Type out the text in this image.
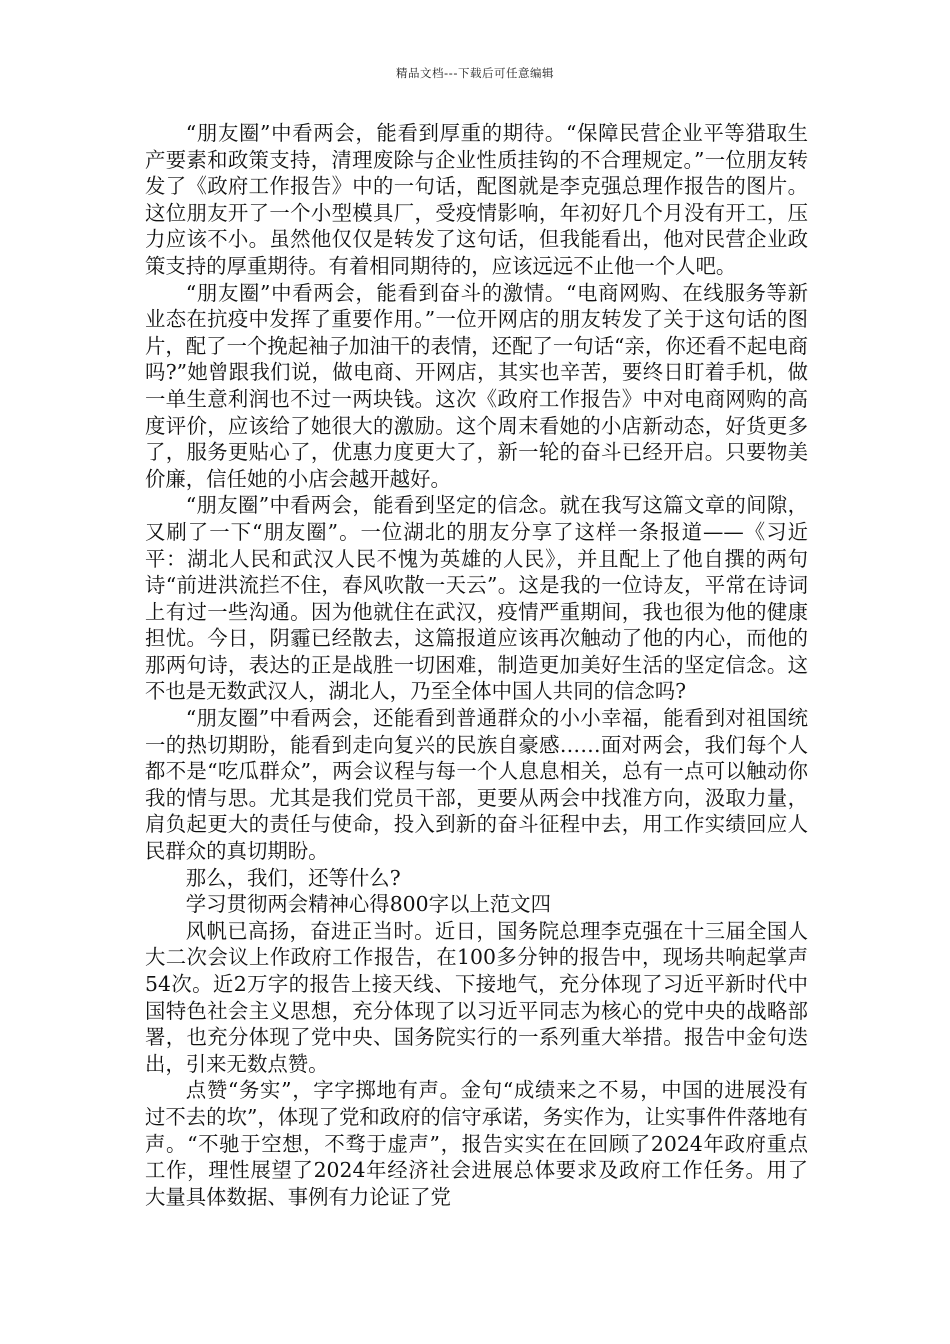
精品文档---下载后可任意编辑

“朋友圈”中看两会，能看到厚重的期待。“保障民营企业平等猎取生产要素和政策支持，清理废除与企业性质挂钩的不合理规定。”一位朋友转发了《政府工作报告》中的一句话，配图就是李克强总理作报告的图片。这位朋友开了一个小型模具厂，受疫情影响，年初好几个月没有开工，压力应该不小。虽然他仅仅是转发了这句话，但我能看出，他对民营企业政策支持的厚重期待。有着相同期待的，应该远远不止他一个人吧。

“朋友圈”中看两会，能看到奋斗的激情。“电商网购、在线服务等新业态在抗疫中发挥了重要作用。”一位开网店的朋友转发了关于这句话的图片，配了一个挽起袖子加油干的表情，还配了一句话“亲，你还看不起电商吗?”她曾跟我们说，做电商、开网店，其实也辛苦，要终日盯着手机，做一单生意利润也不过一两块钱。这次《政府工作报告》中对电商网购的高度评价，应该给了她很大的激励。这个周末看她的小店新动态，好货更多了，服务更贴心了，优惠力度更大了，新一轮的奋斗已经开启。只要物美价廉，信任她的小店会越开越好。

“朋友圈”中看两会，能看到坚定的信念。就在我写这篇文章的间隙，又刷了一下“朋友圈”。一位湖北的朋友分享了这样一条报道——《习近平：湖北人民和武汉人民不愧为英雄的人民》，并且配上了他自撰的两句诗“前进洪流拦不住，春风吹散一天云”。这是我的一位诗友，平常在诗词上有过一些沟通。因为他就住在武汉，疫情严重期间，我也很为他的健康担忧。今日，阴霾已经散去，这篇报道应该再次触动了他的内心，而他的那两句诗，表达的正是战胜一切困难，制造更加美好生活的坚定信念。这不也是无数武汉人，湖北人，乃至全体中国人共同的信念吗?

“朋友圈”中看两会，还能看到普通群众的小小幸福，能看到对祖国统一的热切期盼，能看到走向复兴的民族自豪感……面对两会，我们每个人都不是“吃瓜群众”，两会议程与每一个人息息相关，总有一点可以触动你我的情与思。尤其是我们党员干部，更要从两会中找准方向，汲取力量，肩负起更大的责任与使命，投入到新的奋斗征程中去，用工作实绩回应人民群众的真切期盼。

那么，我们，还等什么?

学习贯彻两会精神心得800字以上范文四

风帆已高扬，奋进正当时。近日，国务院总理李克强在十三届全国人大二次会议上作政府工作报告，在100多分钟的报告中，现场共响起掌声54次。近2万字的报告上接天线、下接地气，充分体现了习近平新时代中国特色社会主义思想，充分体现了以习近平同志为核心的党中央的战略部署，也充分体现了党中央、国务院实行的一系列重大举措。报告中金句迭出，引来无数点赞。

点赞“务实”，字字掷地有声。金句“成绩来之不易，中国的进展没有过不去的坎”，体现了党和政府的信守承诺，务实作为，让实事件件落地有声。“不驰于空想，不骛于虚声”，报告实实在在回顾了2024年政府重点工作，理性展望了2024年经济社会进展总体要求及政府工作任务。用了大量具体数据、事例有力论证了党
